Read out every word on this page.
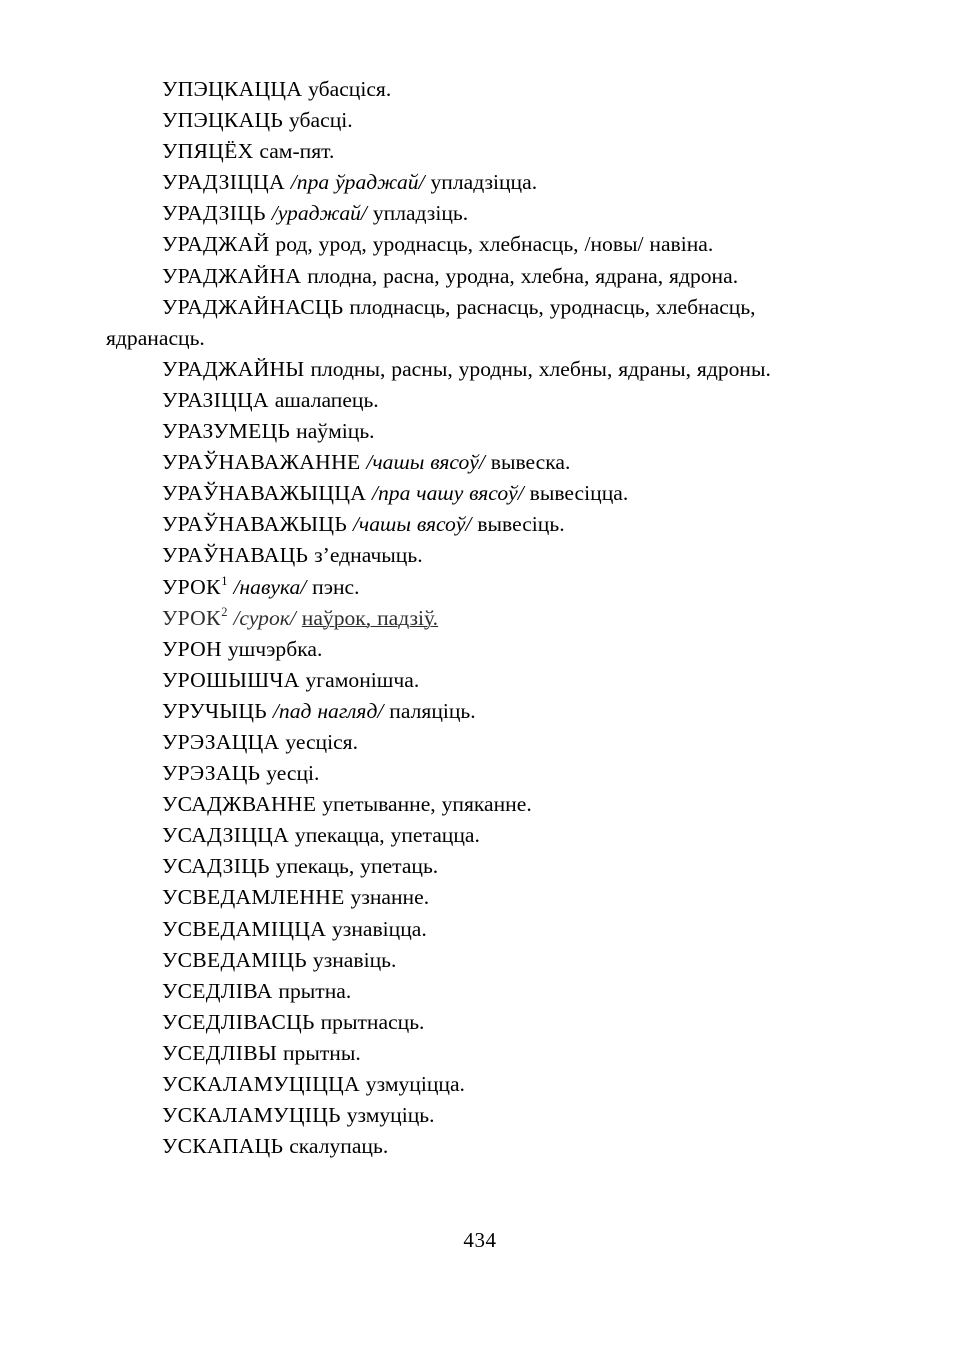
УПЭЦКАЦЦА убасціся.

УПЭЦКАЦЬ убасці.

УПЯЦЁХ сам-пят.

УРАДЗІЦЦА /пра ўраджай/ упладзіцца.

УРАДЗІЦЬ /ураджай/ упладзіць.

УРАДЖАЙ род, урод, уроднасць, хлебнасць, /новы/ навіна.

УРАДЖАЙНА плодна, расна, уродна, хлебна, ядрана, ядрона.

УРАДЖАЙНАСЦЬ плоднасць, раснасць, уроднасць, хлебнасць, ядранасць.

УРАДЖАЙНЫ плодны, расны, уродны, хлебны, ядраны, ядроны.

УРАЗІЦЦА ашалапець.

УРАЗУМЕЦЬ наўміць.

УРАЎНАВАЖАННЕ /чашы вясоў/ вывеска.

УРАЎНАВАЖЫЦЦА /пра чашу вясоў/ вывесіцца.

УРАЎНАВАЖЫЦЬ /чашы вясоў/ вывесіць.

УРАЎНАВАЦЬ з’едначыць.

УРОК$^1$ /навука/ пэнс.

УРОК$^2$ /сурок/ наўрок, падзіў.

УРОН ушчэрбка.

УРОШЫШЧА угамонішча.

УРУЧЫЦЬ /пад нагляд/ паляціць.

УРЭЗАЦЦА уесціся.

УРЭЗАЦЬ уесці.

УСАДЖВАННЕ упетыванне, упяканне.

УСАДЗІЦЦА упекацца, упетацца.

УСАДЗІЦЬ упекаць, упетаць.

УСВЕДАМЛЕННЕ узнанне.

УСВЕДАМІЦЦА узнавіцца.

УСВЕДАМІЦЬ узнавіць.

УСЕДЛІВА прытна.

УСЕДЛІВАСЦЬ прытнасць.

УСЕДЛІВЫ прытны.

УСКАЛАМУЦІЦЦА узмуціцца.

УСКАЛАМУЦІЦЬ узмуціць.

УСКАПАЦЬ скалупаць.

434
